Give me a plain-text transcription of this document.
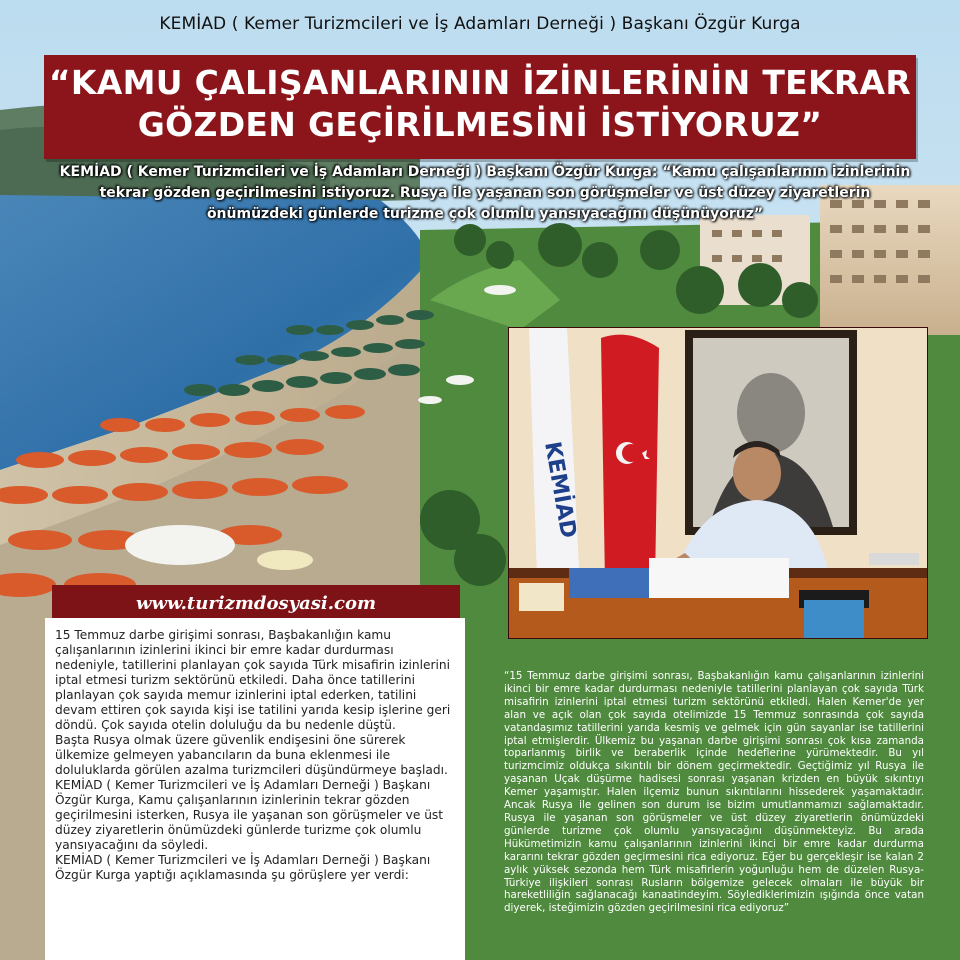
KEMİAD ( Kemer Turizmcileri ve İş Adamları Derneği ) Başkanı Özgür Kurga
“KAMU ÇALIŞANLARININ İZİNLERİNİN TEKRAR
GÖZDEN GEÇİRİLMESİNİ İSTİYORUZ”
KEMİAD ( Kemer Turizmcileri ve İş Adamları Derneği ) Başkanı Özgür Kurga: “Kamu çalışanlarının izinlerinin tekrar gözden geçirilmesini istiyoruz. Rusya ile yaşanan son görüşmeler ve üst düzey ziyaretlerin önümüzdeki günlerde turizme çok olumlu yansıyacağını düşünüyoruz”
KEMİAD
www.turizmdosyasi.com

15 Temmuz darbe girişimi sonrası, Başbakanlığın kamu çalışanlarının izinlerini ikinci bir emre kadar durdurması nedeniyle, tatillerini planlayan çok sayıda Türk misafirin izinlerini iptal etmesi turizm sektörünü etkiledi. Daha önce tatillerini planlayan çok sayıda memur izinlerini iptal ederken, tatilini devam ettiren çok sayıda kişi ise tatilini yarıda kesip işlerine geri döndü. Çok sayıda otelin doluluğu da bu nedenle düştü.

Başta Rusya olmak üzere güvenlik endişesini öne sürerek ülkemize gelmeyen yabancıların da buna eklenmesi ile doluluklarda görülen azalma turizmcileri düşündürmeye başladı.

KEMİAD ( Kemer Turizmcileri ve İş Adamları Derneği ) Başkanı Özgür Kurga, Kamu çalışanlarının izinlerinin tekrar gözden geçirilmesini isterken, Rusya ile yaşanan son görüşmeler ve üst düzey ziyaretlerin önümüzdeki günlerde turizme çok olumlu yansıyacağını da söyledi.

KEMİAD ( Kemer Turizmcileri ve İş Adamları Derneği ) Başkanı Özgür Kurga yaptığı açıklamasında şu görüşlere yer verdi:

“15 Temmuz darbe girişimi sonrası, Başbakanlığın kamu çalışanlarının izinlerini ikinci bir emre kadar durdurması nedeniyle tatillerini planlayan çok sayıda Türk misafirin izinlerini iptal etmesi turizm sektörünü etkiledi. Halen Kemer'de yer alan ve açık olan çok sayıda otelimizde 15 Temmuz sonrasında çok sayıda vatandaşımız tatillerini yarıda kesmiş ve gelmek için gün sayanlar ise tatillerini iptal etmişlerdir. Ülkemiz bu yaşanan darbe girişimi sonrası çok kısa zamanda toparlanmış birlik ve beraberlik içinde hedeflerine yürümektedir. Bu yıl turizmcimiz oldukça sıkıntılı bir dönem geçirmektedir. Geçtiğimiz yıl Rusya ile yaşanan Uçak düşürme hadisesi sonrası yaşanan krizden en büyük sıkıntıyı Kemer yaşamıştır. Halen ilçemiz bunun sıkıntılarını hissederek yaşamaktadır. Ancak Rusya ile gelinen son durum ise bizim umutlanmamızı sağlamaktadır. Rusya ile yaşanan son görüşmeler ve üst düzey ziyaretlerin önümüzdeki günlerde turizme çok olumlu yansıyacağını düşünmekteyiz. Bu arada Hükümetimizin kamu çalışanlarının izinlerini ikinci bir emre kadar durdurma kararını tekrar gözden geçirmesini rica ediyoruz. Eğer bu gerçekleşir ise kalan 2 aylık yüksek sezonda hem Türk misafirlerin yoğunluğu hem de düzelen Rusya-Türkiye ilişkileri sonrası Rusların bölgemize gelecek olmaları ile büyük bir hareketliliğin sağlanacağı kanaatindeyim. Söylediklerimizin ışığında önce vatan diyerek, isteğimizin gözden geçirilmesini rica ediyoruz”
